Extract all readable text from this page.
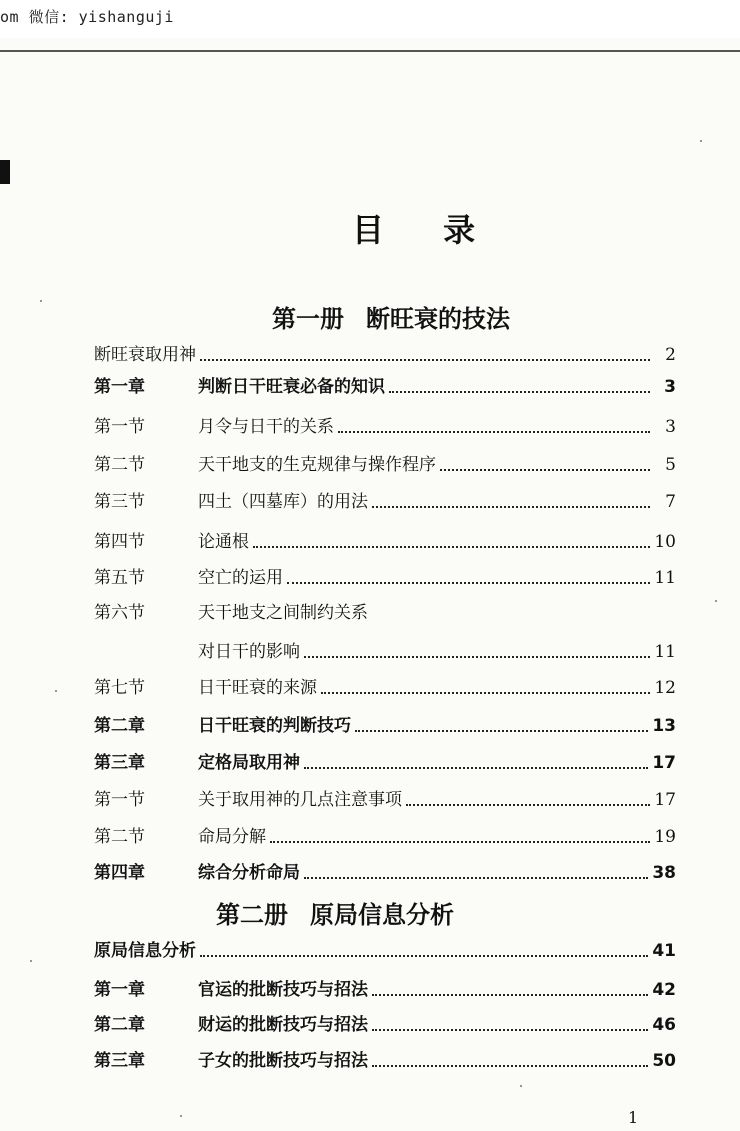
om 微信: yishanguji
目 录
第一册 断旺衰的技法
断旺衰取用神	2
第一章	判断日干旺衰必备的知识	3
第一节	月令与日干的关系	3
第二节	天干地支的生克规律与操作程序	5
第三节	四土（四墓库）的用法	7
第四节	论通根	10
第五节	空亡的运用	11
第六节	天干地支之间制约关系
对日干的影响	11
第七节	日干旺衰的来源	12
第二章	日干旺衰的判断技巧	13
第三章	定格局取用神	17
第一节	关于取用神的几点注意事项	17
第二节	命局分解	19
第四章	综合分析命局	38
第二册 原局信息分析
原局信息分析	41
第一章	官运的批断技巧与招法	42
第二章	财运的批断技巧与招法	46
第三章	子女的批断技巧与招法	50
1
